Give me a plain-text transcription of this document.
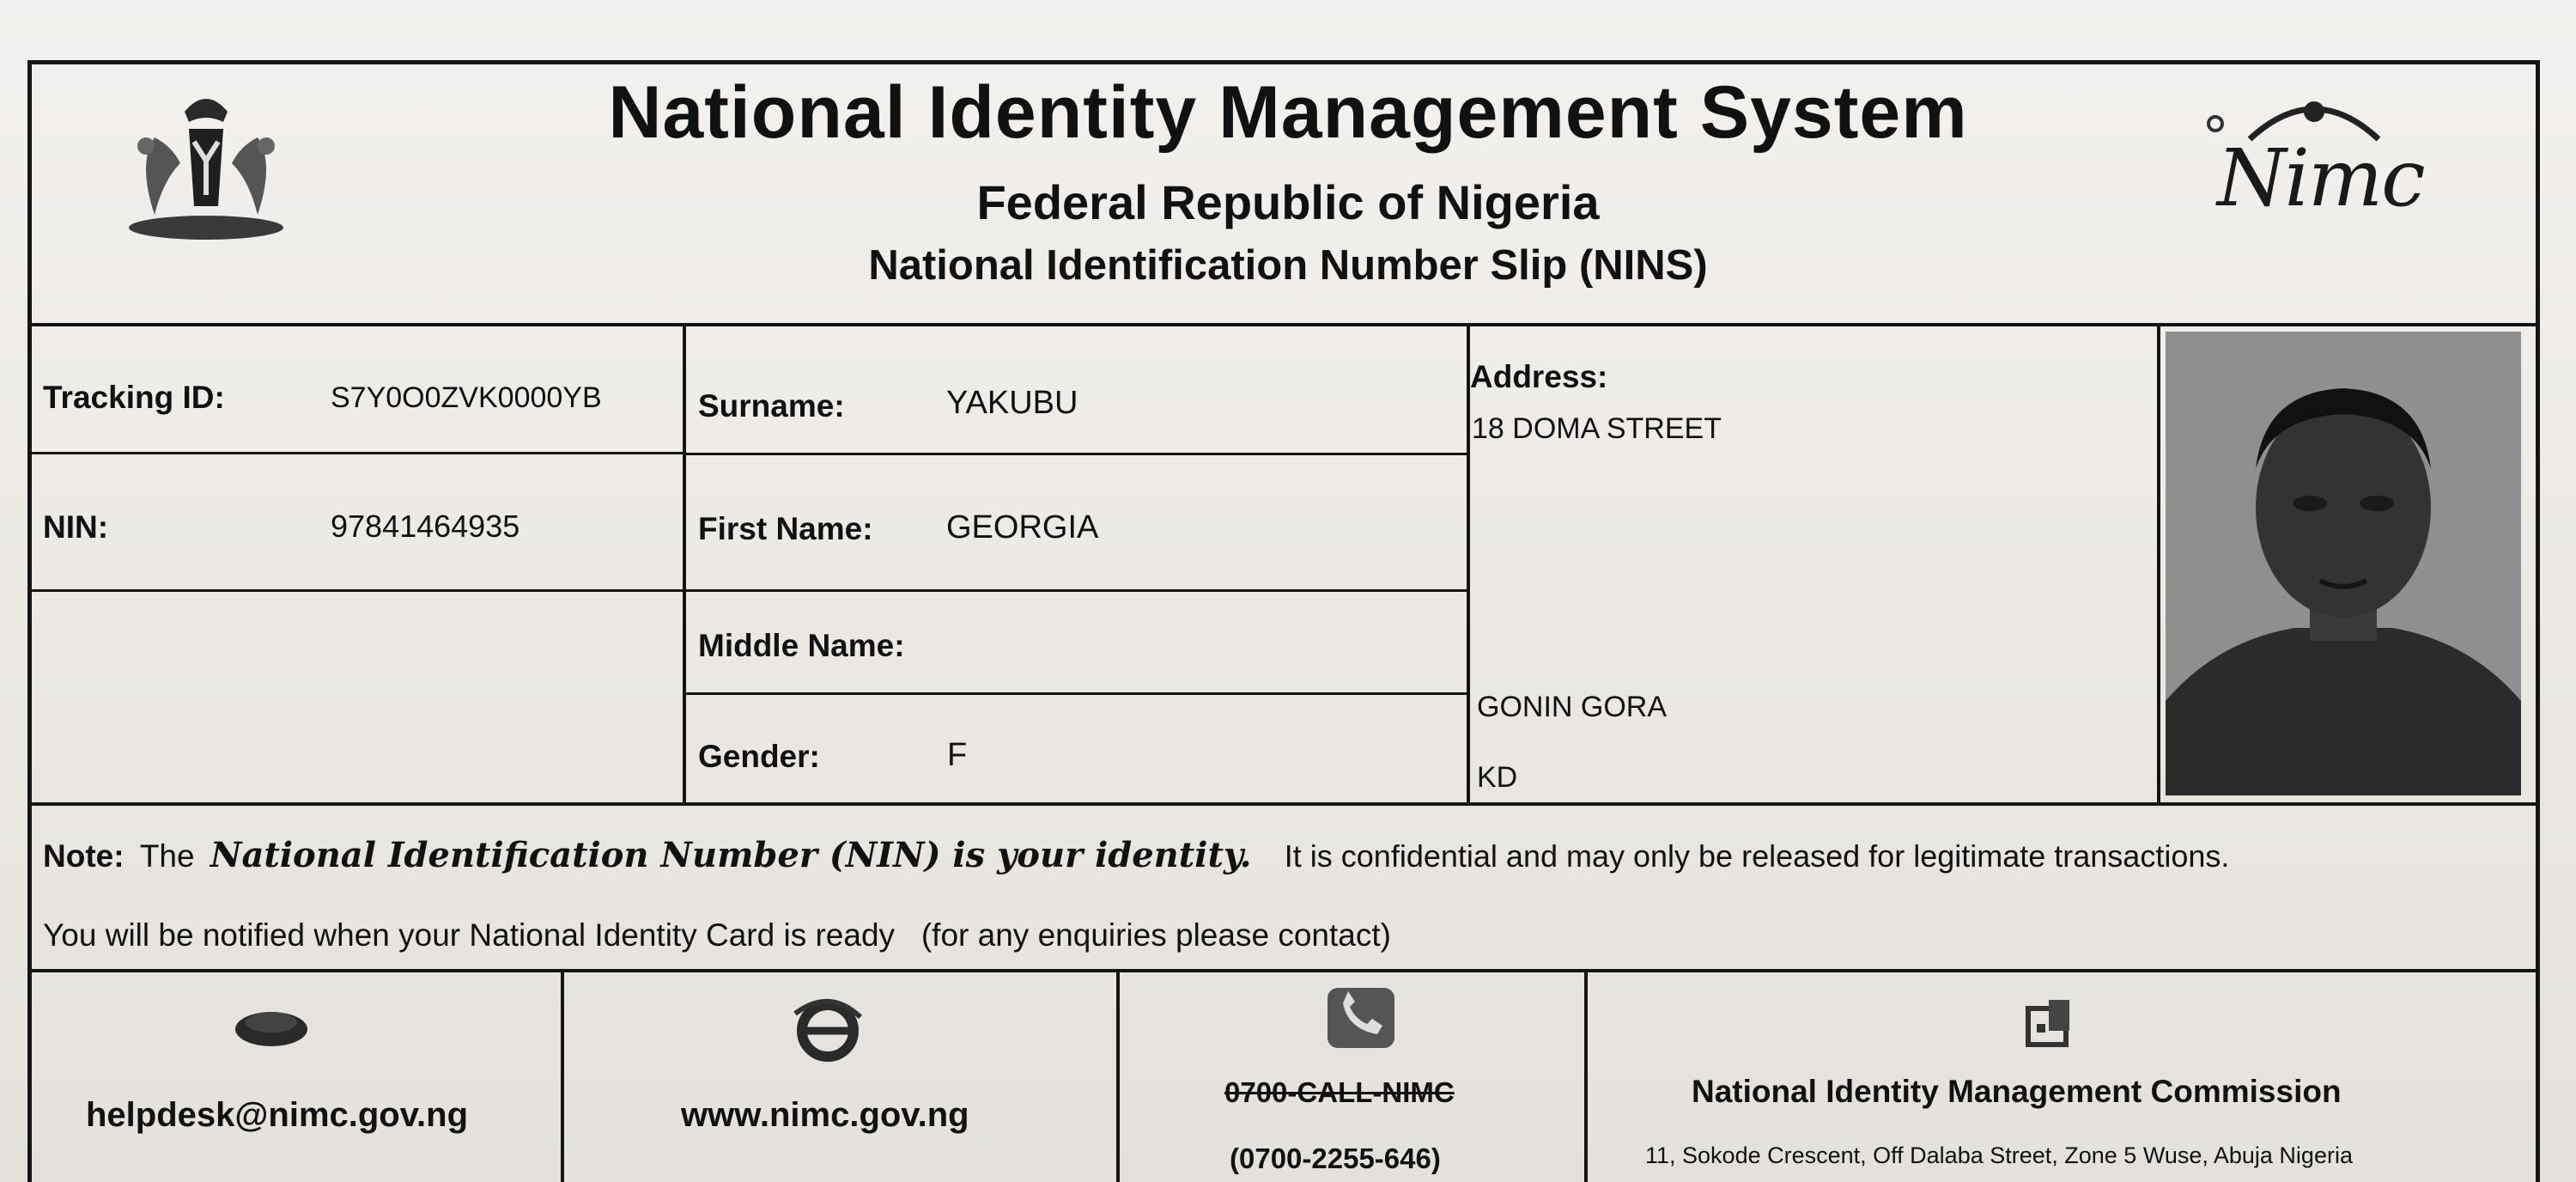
National Identity Management System
Federal Republic of Nigeria
National Identification Number Slip (NINS)
Nimc
Tracking ID:	S7Y0O0ZVK0000YB
NIN:	97841464935
Surname:	YAKUBU
First Name: GEORGIA
Middle Name:
Gender:	F
Address:
18 DOMA STREET
GONIN GORA
KD
Note: The National Identification Number (NIN) is your identity. It is confidential and may only be released for legitimate transactions.
You will be notified when your National Identity Card is ready   (for any enquiries please contact)
helpdesk@nimc.gov.ng	www.nimc.gov.ng
0700-CALL-NIMC
(0700-2255-646)
National Identity Management Commission
11, Sokode Crescent, Off Dalaba Street, Zone 5 Wuse, Abuja Nigeria
